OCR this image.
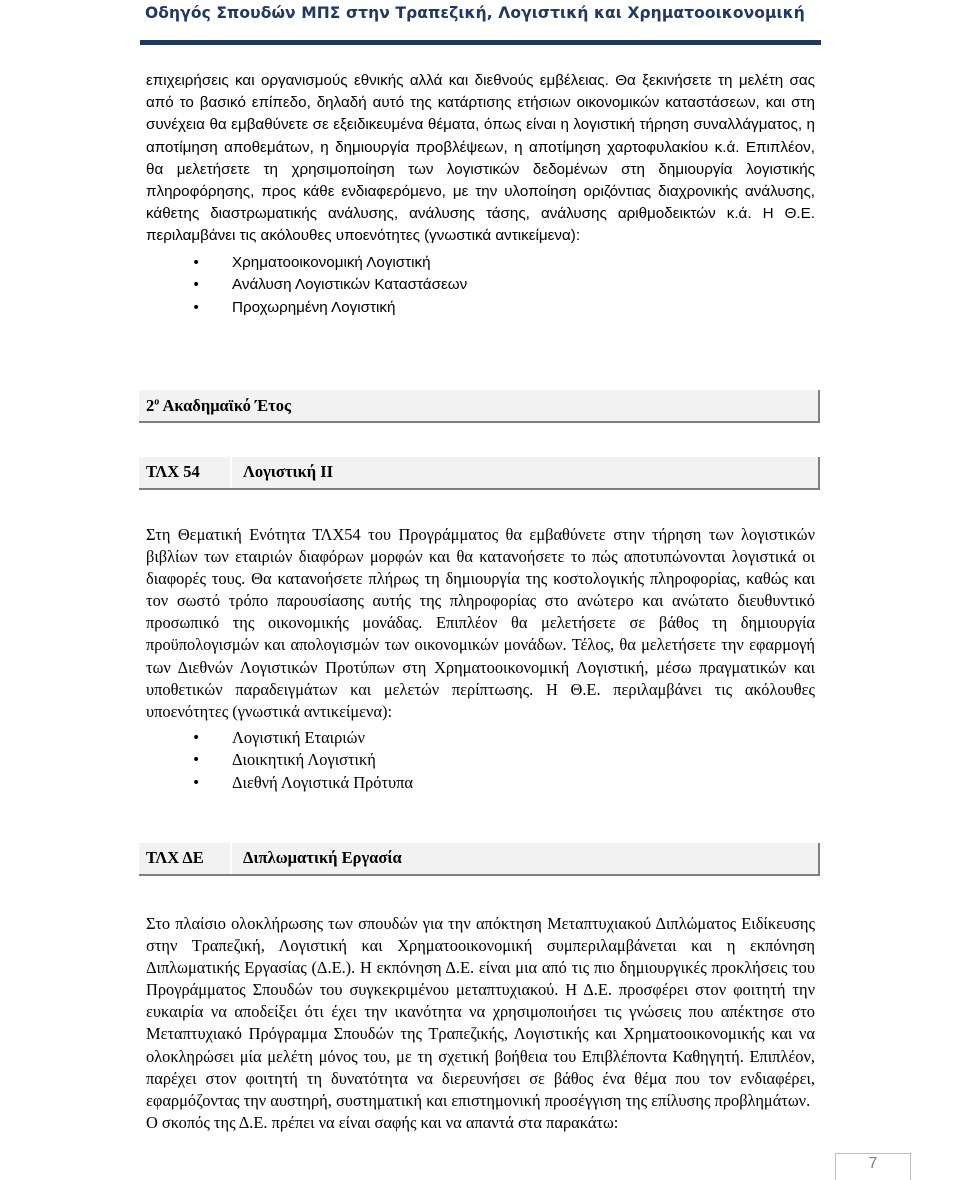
Οδηγός Σπουδών ΜΠΣ στην Τραπεζική, Λογιστική και Χρηματοοικονομική

επιχειρήσεις και οργανισμούς εθνικής αλλά και διεθνούς εμβέλειας. Θα ξεκινήσετε τη μελέτη σας από το βασικό επίπεδο, δηλαδή αυτό της κατάρτισης ετήσιων οικονομικών καταστάσεων, και στη συνέχεια θα εμβαθύνετε σε εξειδικευμένα θέματα, όπως είναι η λογιστική τήρηση συναλλάγματος, η αποτίμηση αποθεμάτων, η δημιουργία προβλέψεων, η αποτίμηση χαρτοφυλακίου κ.ά. Επιπλέον, θα μελετήσετε τη χρησιμοποίηση των λογιστικών δεδομένων στη δημιουργία λογιστικής πληροφόρησης, προς κάθε ενδιαφερόμενο, με την υλοποίηση οριζόντιας διαχρονικής ανάλυσης, κάθετης διαστρωματικής ανάλυσης, ανάλυσης τάσης, ανάλυσης αριθμοδεικτών κ.ά. Η Θ.Ε. περιλαμβάνει τις ακόλουθες υποενότητες (γνωστικά αντικείμενα):

• Χρηματοοικονομική Λογιστική
• Ανάλυση Λογιστικών Καταστάσεων
• Προχωρημένη Λογιστική
$2^o$ Ακαδημαϊκό Έτος
ΤΛΧ 54	Λογιστική ΙΙ

Στη Θεματική Ενότητα ΤΛΧ54 του Προγράμματος θα εμβαθύνετε στην τήρηση των λογιστικών βιβλίων των εταιριών διαφόρων μορφών και θα κατανοήσετε το πώς αποτυπώνονται λογιστικά οι διαφορές τους. Θα κατανοήσετε πλήρως τη δημιουργία της κοστολογικής πληροφορίας, καθώς και τον σωστό τρόπο παρουσίασης αυτής της πληροφορίας στο ανώτερο και ανώτατο διευθυντικό προσωπικό της οικονομικής μονάδας. Επιπλέον θα μελετήσετε σε βάθος τη δημιουργία προϋπολογισμών και απολογισμών των οικονομικών μονάδων. Τέλος, θα μελετήσετε την εφαρμογή των Διεθνών Λογιστικών Προτύπων στη Χρηματοοικονομική Λογιστική, μέσω πραγματικών και υποθετικών παραδειγμάτων και μελετών περίπτωσης. Η Θ.Ε. περιλαμβάνει τις ακόλουθες υποενότητες (γνωστικά αντικείμενα):

• Λογιστική Εταιριών
• Διοικητική Λογιστική
• Διεθνή Λογιστικά Πρότυπα
ΤΛΧ ΔΕ Διπλωματική Εργασία

Στο πλαίσιο ολοκλήρωσης των σπουδών για την απόκτηση Μεταπτυχιακού Διπλώματος Ειδίκευσης στην Τραπεζική, Λογιστική και Χρηματοοικονομική συμπεριλαμβάνεται και η εκπόνηση Διπλωματικής Εργασίας (Δ.Ε.). Η εκπόνηση Δ.Ε. είναι μια από τις πιο δημιουργικές προκλήσεις του Προγράμματος Σπουδών του συγκεκριμένου μεταπτυχιακού. Η Δ.Ε. προσφέρει στον φοιτητή την ευκαιρία να αποδείξει ότι έχει την ικανότητα να χρησιμοποιήσει τις γνώσεις που απέκτησε στο Μεταπτυχιακό Πρόγραμμα Σπουδών της Τραπεζικής, Λογιστικής και Χρηματοοικονομικής και να ολοκληρώσει μία μελέτη μόνος του, με τη σχετική βοήθεια του Επιβλέποντα Καθηγητή. Επιπλέον, παρέχει στον φοιτητή τη δυνατότητα να διερευνήσει σε βάθος ένα θέμα που τον ενδιαφέρει, εφαρμόζοντας την αυστηρή, συστηματική και επιστημονική προσέγγιση της επίλυσης προβλημάτων.

Ο σκοπός της Δ.Ε. πρέπει να είναι σαφής και να απαντά στα παρακάτω:

7
